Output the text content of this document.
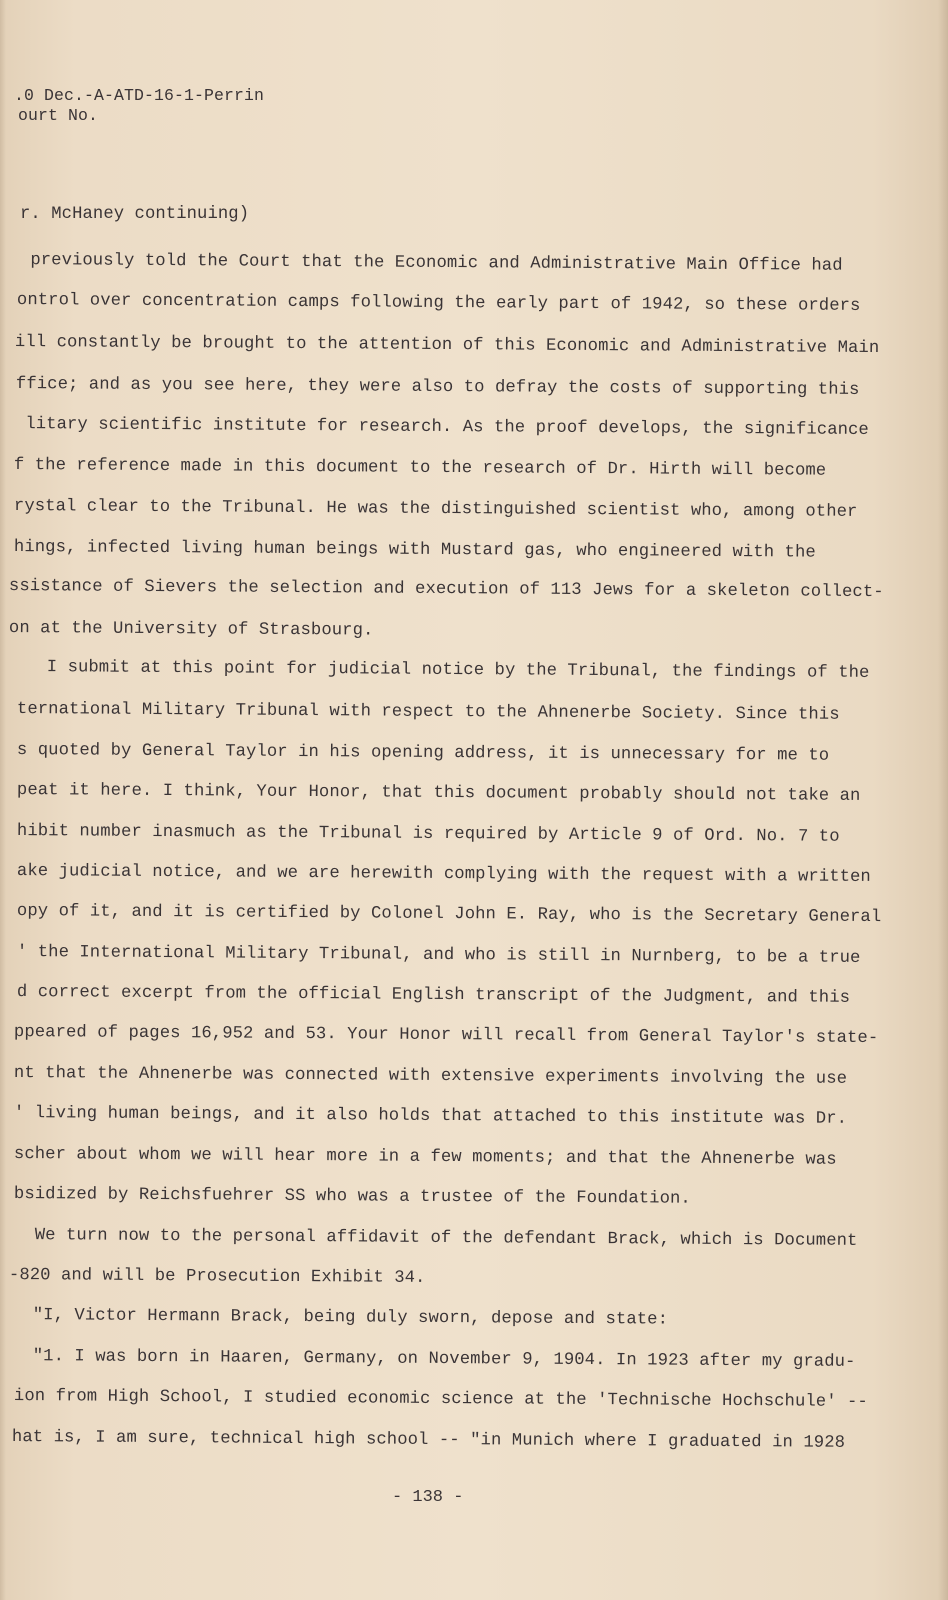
.0 Dec.-A-ATD-16-1-Perrin
ourt No.
r. McHaney continuing)
previously told the Court that the Economic and Administrative Main Office had
ontrol over concentration camps following the early part of 1942, so these orders
ill constantly be brought to the attention of this Economic and Administrative Main
ffice; and as you see here, they were also to defray the costs of supporting this
litary scientific institute for research. As the proof develops, the significance
f the reference made in this document to the research of Dr. Hirth will become
rystal clear to the Tribunal. He was the distinguished scientist who, among other
hings, infected living human beings with Mustard gas, who engineered with the
ssistance of Sievers the selection and execution of 113 Jews for a skeleton collect-
on at the University of Strasbourg.
I submit at this point for judicial notice by the Tribunal, the findings of the
ternational Military Tribunal with respect to the Ahnenerbe Society. Since this
s quoted by General Taylor in his opening address, it is unnecessary for me to
peat it here. I think, Your Honor, that this document probably should not take an
hibit number inasmuch as the Tribunal is required by Article 9 of Ord. No. 7 to
ake judicial notice, and we are herewith complying with the request with a written
opy of it, and it is certified by Colonel John E. Ray, who is the Secretary General
' the International Military Tribunal, and who is still in Nurnberg, to be a true
d correct excerpt from the official English transcript of the Judgment, and this
ppeared of pages 16,952 and 53. Your Honor will recall from General Taylor's state-
nt that the Ahnenerbe was connected with extensive experiments involving the use
' living human beings, and it also holds that attached to this institute was Dr.
scher about whom we will hear more in a few moments; and that the Ahnenerbe was
bsidized by Reichsfuehrer SS who was a trustee of the Foundation.
We turn now to the personal affidavit of the defendant Brack, which is Document
-820 and will be Prosecution Exhibit 34.
"I, Victor Hermann Brack, being duly sworn, depose and state:
"1. I was born in Haaren, Germany, on November 9, 1904. In 1923 after my gradu-
ion from High School, I studied economic science at the 'Technische Hochschule' --
hat is, I am sure, technical high school -- "in Munich where I graduated in 1928
- 138 -
